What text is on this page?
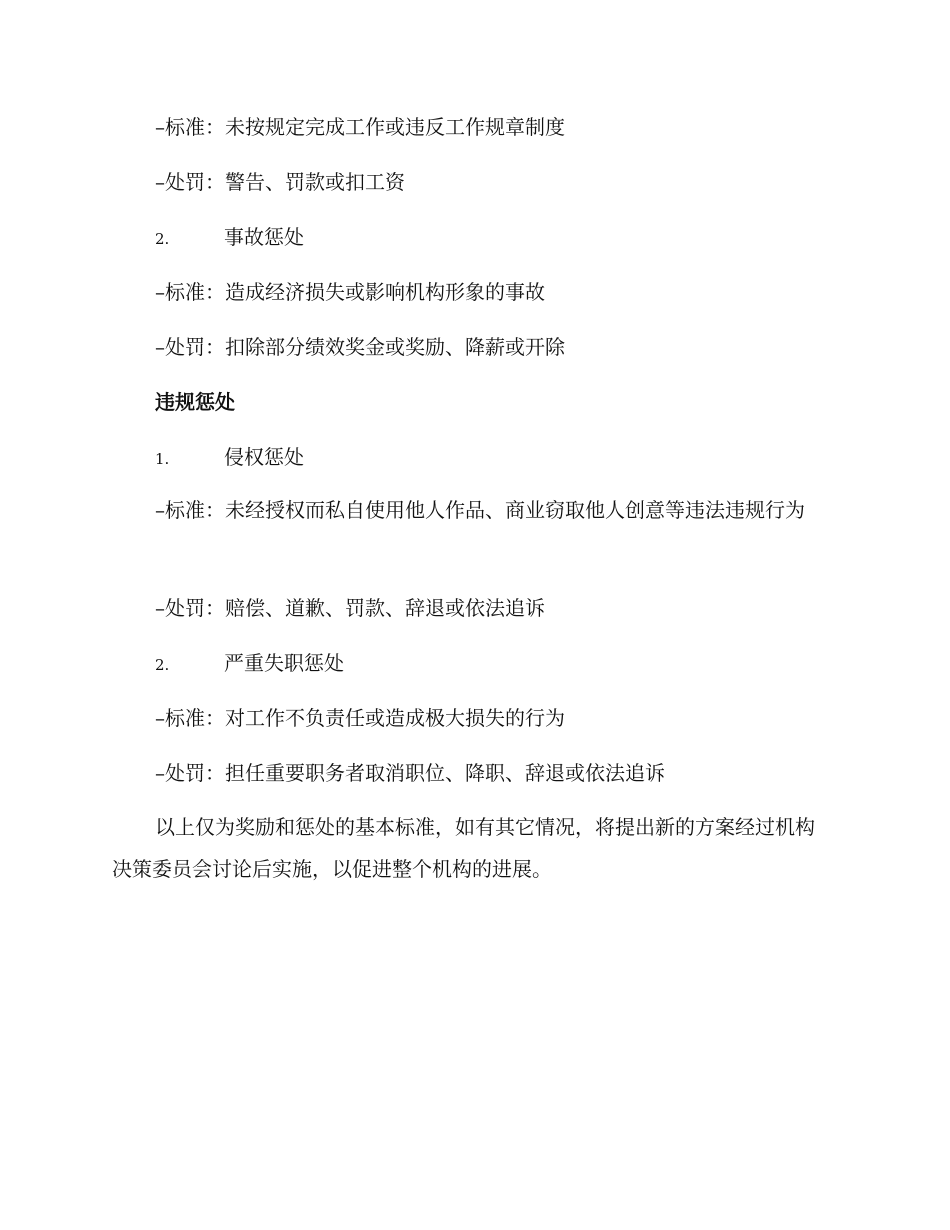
–标准：未按规定完成工作或违反工作规章制度
–处罚：警告、罚款或扣工资
2.	事故惩处
–标准：造成经济损失或影响机构形象的事故
–处罚：扣除部分绩效奖金或奖励、降薪或开除
违规惩处
1.	侵权惩处
–标准：未经授权而私自使用他人作品、商业窃取他人创意等违法违规行为
–处罚：赔偿、道歉、罚款、辞退或依法追诉
2.	严重失职惩处
–标准：对工作不负责任或造成极大损失的行为
–处罚：担任重要职务者取消职位、降职、辞退或依法追诉
以上仅为奖励和惩处的基本标准，如有其它情况，将提出新的方案经过机构决策委员会讨论后实施，以促进整个机构的进展。
